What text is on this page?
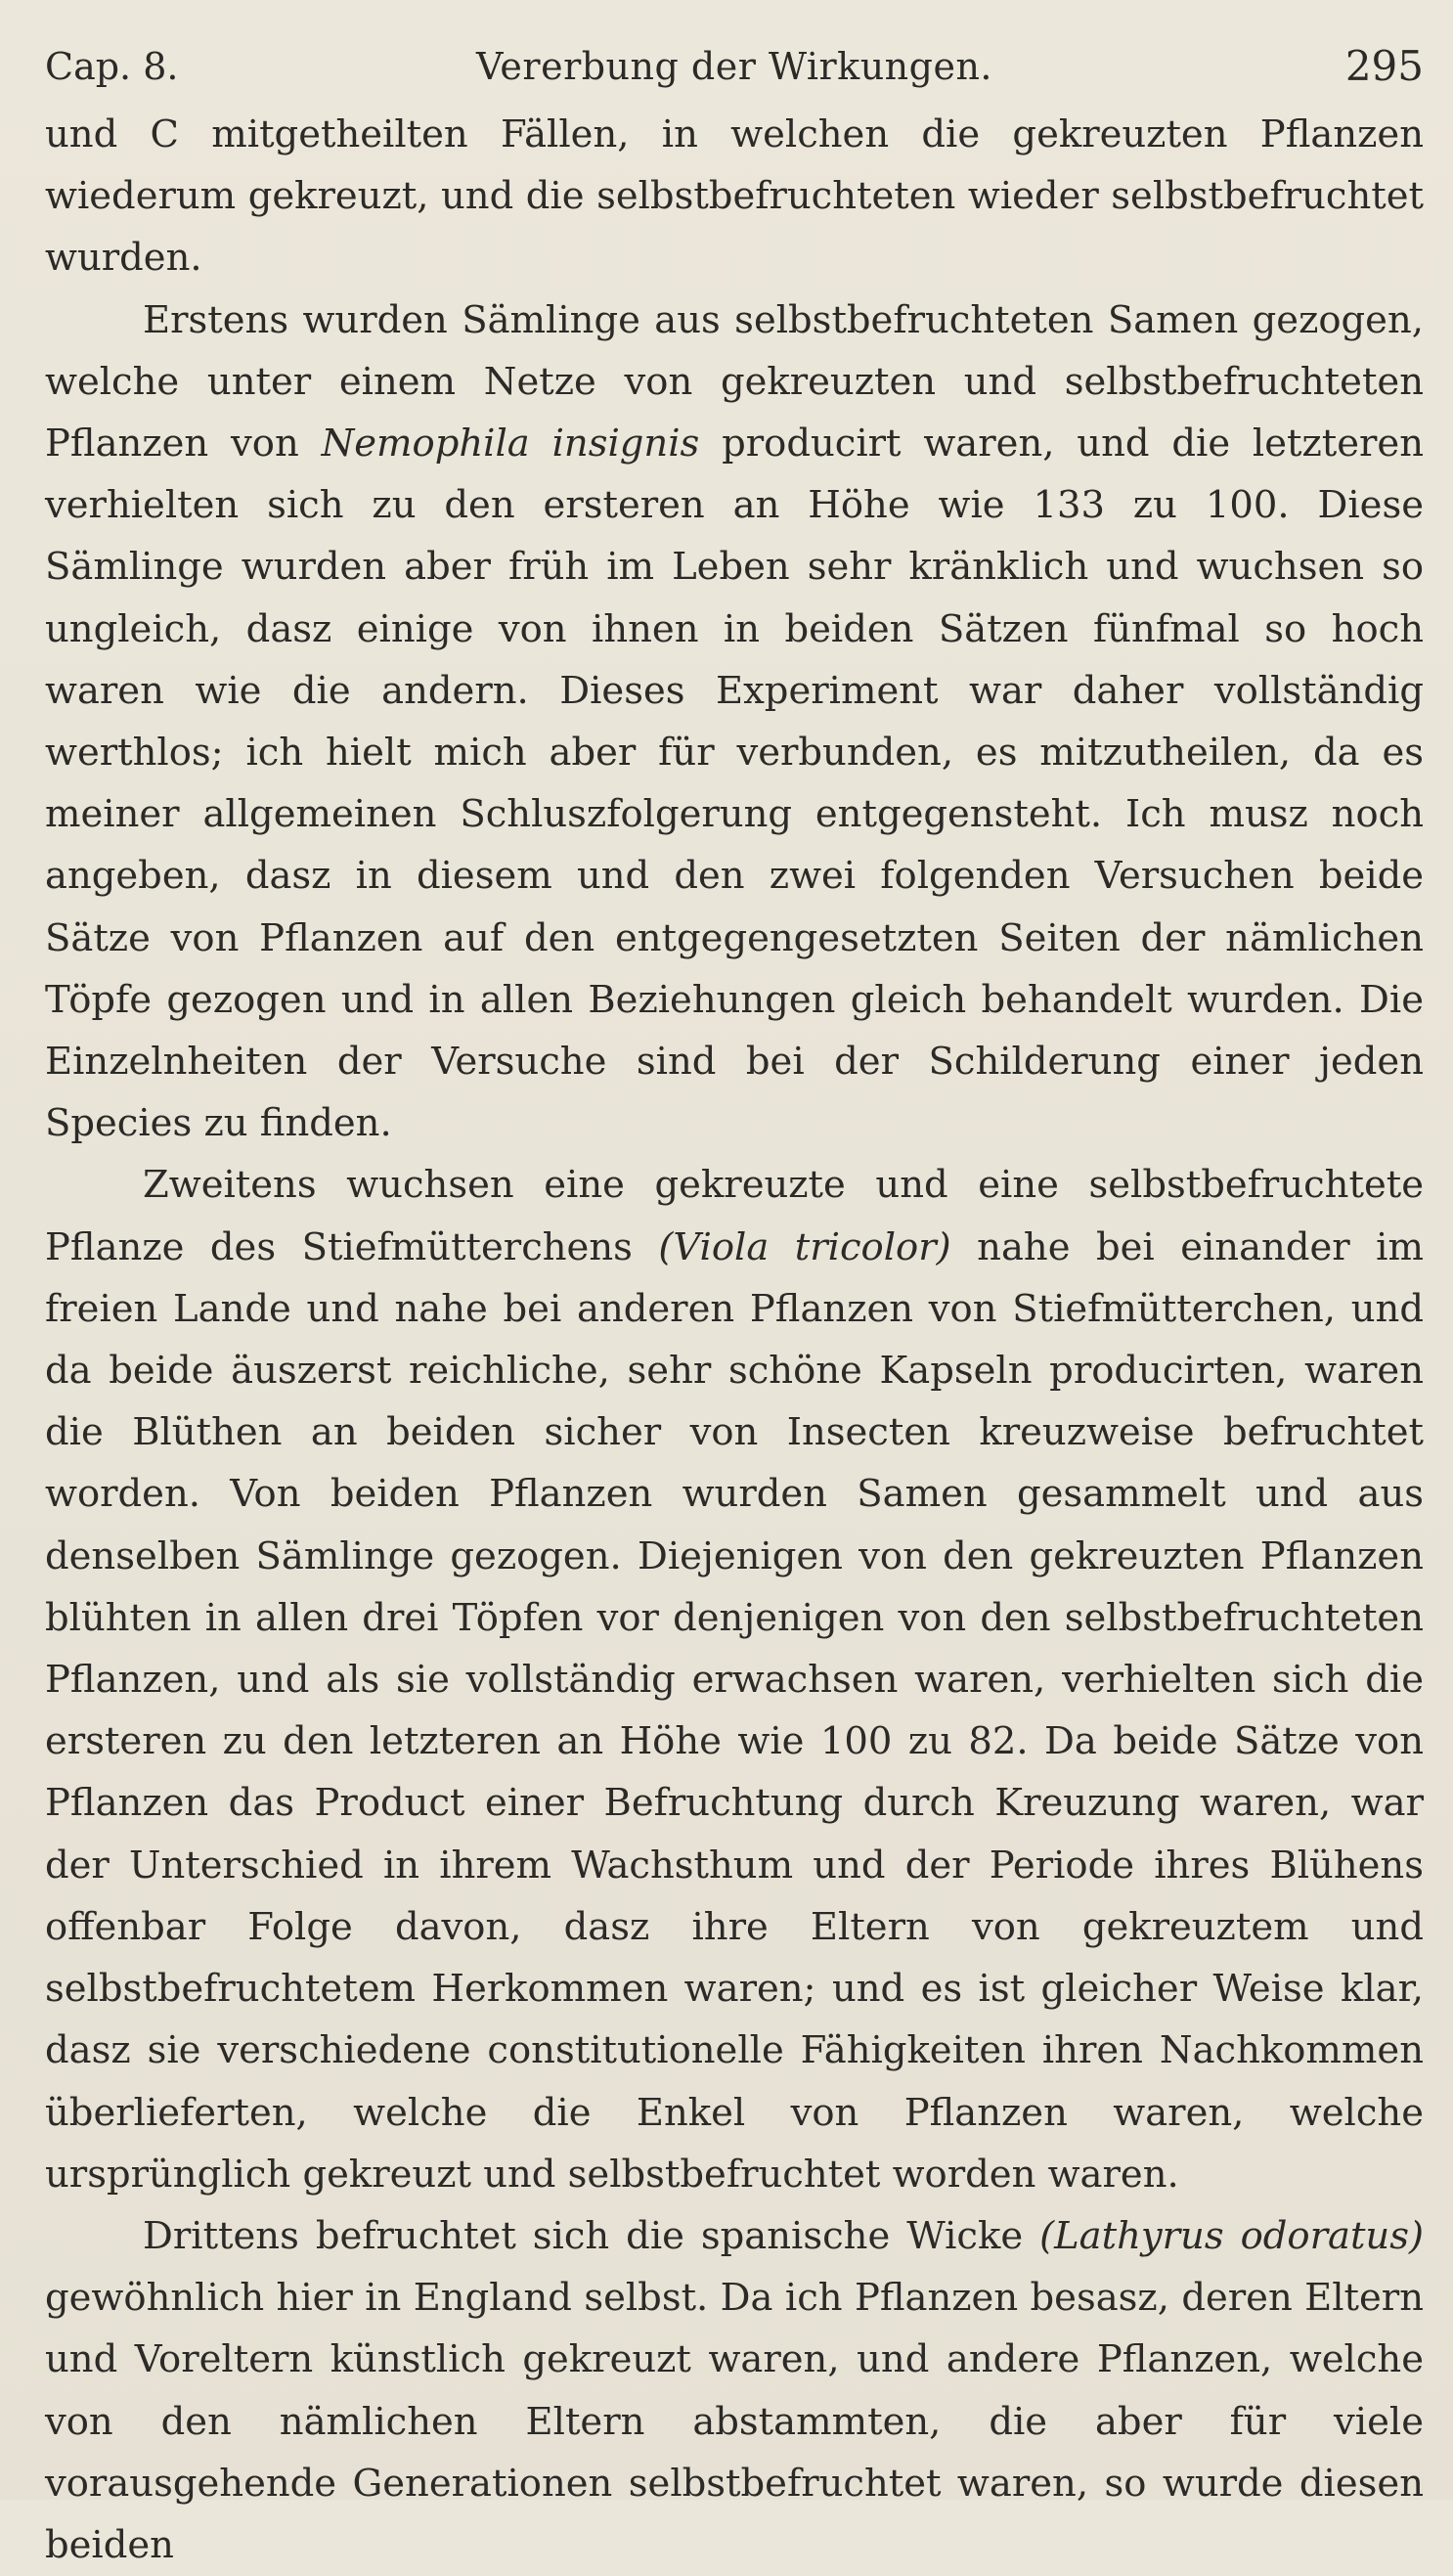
Cap. 8.	Vererbung der Wirkungen.	295

und C mitgetheilten Fällen, in welchen die gekreuzten Pflanzen wiederum gekreuzt, und die selbstbefruchteten wieder selbstbefruchtet wurden.

Erstens wurden Sämlinge aus selbstbefruchteten Samen gezogen, welche unter einem Netze von gekreuzten und selbstbefruchteten Pflanzen von Nemophila insignis producirt waren, und die letzteren verhielten sich zu den ersteren an Höhe wie 133 zu 100. Diese Sämlinge wurden aber früh im Leben sehr kränklich und wuchsen so ungleich, dasz einige von ihnen in beiden Sätzen fünfmal so hoch waren wie die andern. Dieses Experiment war daher vollständig werthlos; ich hielt mich aber für verbunden, es mitzutheilen, da es meiner allgemeinen Schluszfolgerung entgegensteht. Ich musz noch angeben, dasz in diesem und den zwei folgenden Versuchen beide Sätze von Pflanzen auf den entgegengesetzten Seiten der nämlichen Töpfe gezogen und in allen Beziehungen gleich behandelt wurden. Die Einzelnheiten der Versuche sind bei der Schilderung einer jeden Species zu finden.

Zweitens wuchsen eine gekreuzte und eine selbstbefruchtete Pflanze des Stiefmütterchens (Viola tricolor) nahe bei einander im freien Lande und nahe bei anderen Pflanzen von Stiefmütterchen, und da beide äuszerst reichliche, sehr schöne Kapseln producirten, waren die Blüthen an beiden sicher von Insecten kreuzweise befruchtet worden. Von beiden Pflanzen wurden Samen gesammelt und aus denselben Sämlinge gezogen. Diejenigen von den gekreuzten Pflanzen blühten in allen drei Töpfen vor denjenigen von den selbstbefruchteten Pflanzen, und als sie vollständig erwachsen waren, verhielten sich die ersteren zu den letzteren an Höhe wie 100 zu 82. Da beide Sätze von Pflanzen das Product einer Befruchtung durch Kreuzung waren, war der Unterschied in ihrem Wachsthum und der Periode ihres Blühens offenbar Folge davon, dasz ihre Eltern von gekreuztem und selbstbefruchtetem Herkommen waren; und es ist gleicher Weise klar, dasz sie verschiedene constitutionelle Fähigkeiten ihren Nachkommen überlieferten, welche die Enkel von Pflanzen waren, welche ursprünglich gekreuzt und selbstbefruchtet worden waren.

Drittens befruchtet sich die spanische Wicke (Lathyrus odoratus) gewöhnlich hier in England selbst. Da ich Pflanzen besasz, deren Eltern und Voreltern künstlich gekreuzt waren, und andere Pflanzen, welche von den nämlichen Eltern abstammten, die aber für viele vorausgehende Generationen selbstbefruchtet waren, so wurde diesen beiden
